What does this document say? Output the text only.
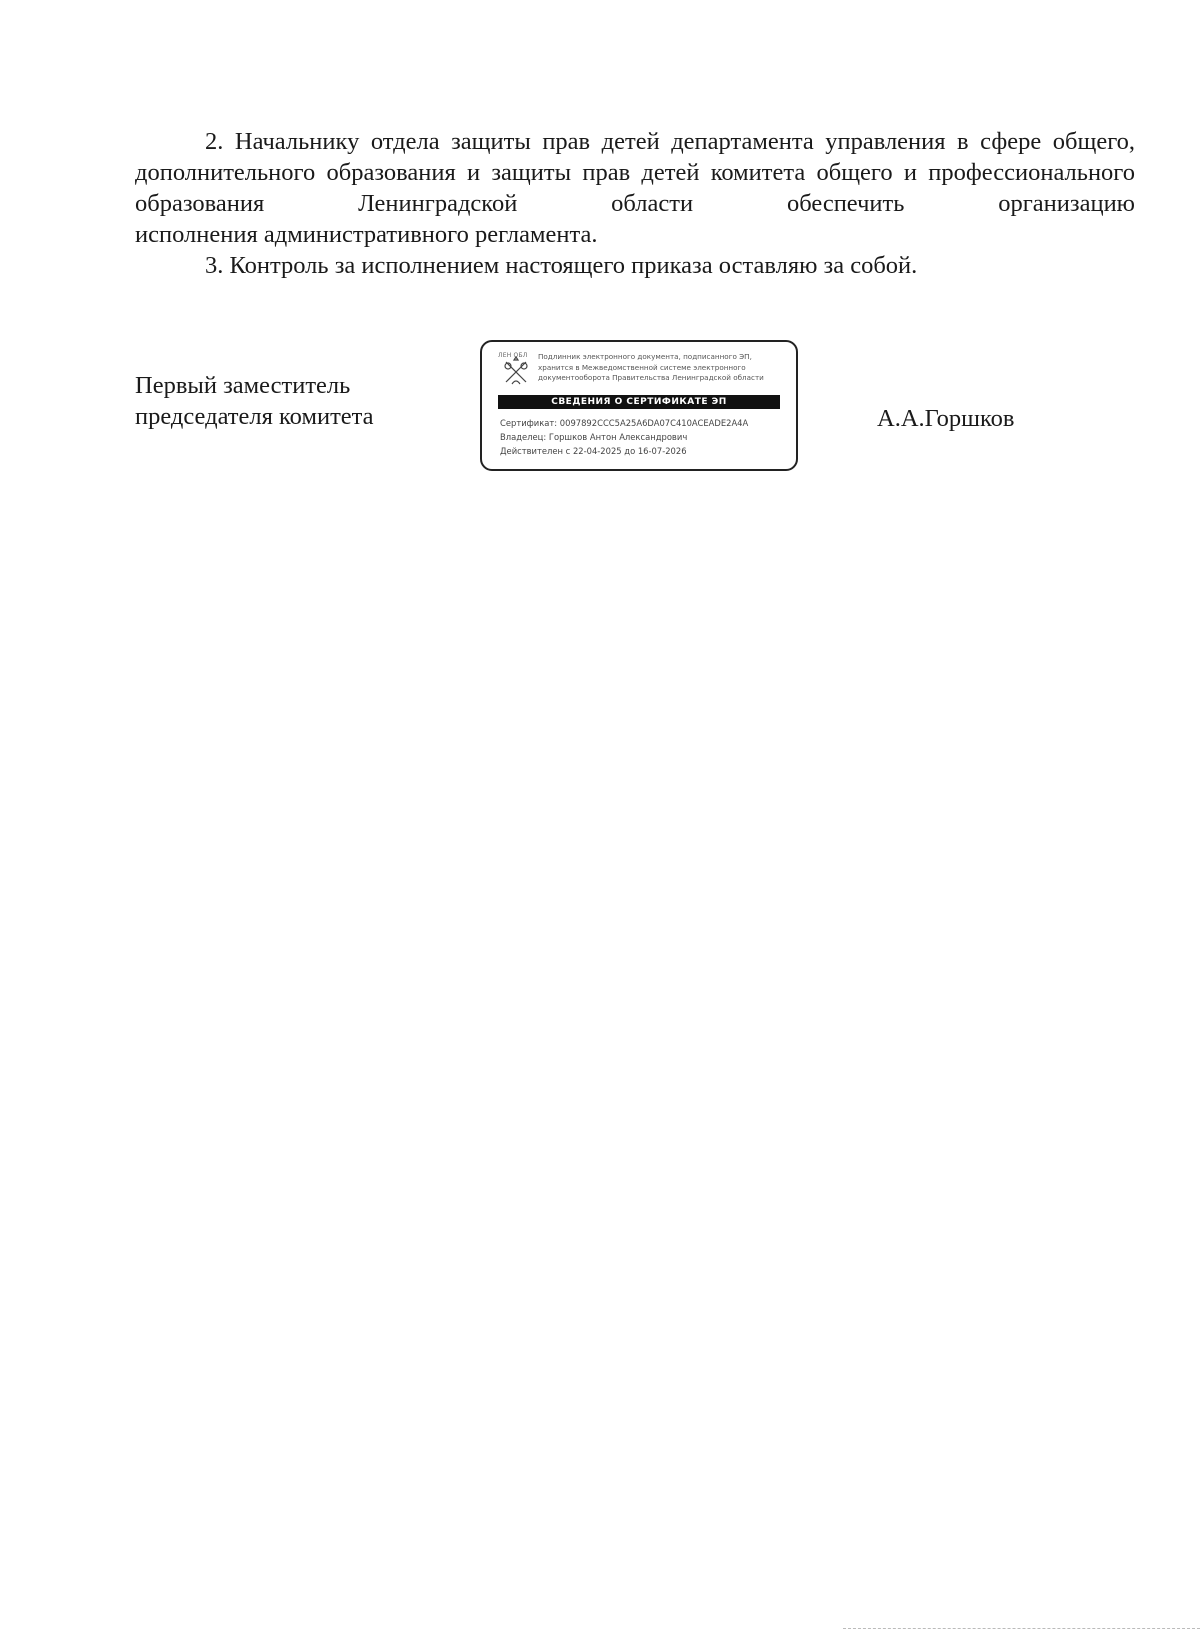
2. Начальнику отдела защиты прав детей департамента управления в сфере общего, дополнительного образования и защиты прав детей комитета общего и профессионального образования Ленинградской области обеспечить организацию

исполнения административного регламента.

3. Контроль за исполнением настоящего приказа оставляю за собой.

Первый заместитель
председателя комитета
ЛЕН ОБЛ Подлинник электронного документа, подписанного ЭП,
хранится в Межведомственной системе электронного
документооборота Правительства Ленинградской области
СВЕДЕНИЯ О СЕРТИФИКАТЕ ЭП
Сертификат: 0097892CCC5A25A6DA07C410ACEADE2A4A
Владелец: Горшков Антон Александрович
Действителен с 22-04-2025 до 16-07-2026
А.А.Горшков
